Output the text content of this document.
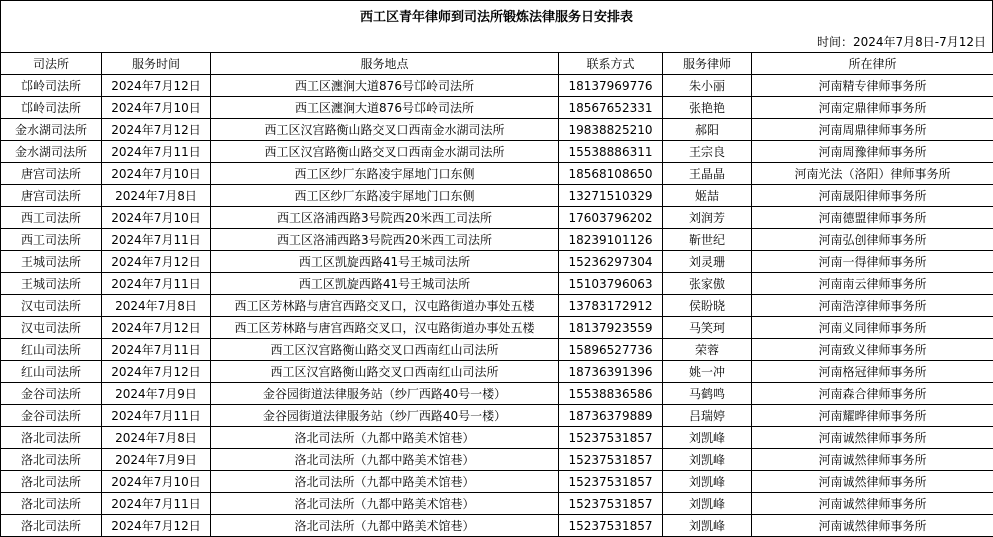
西工区青年律师到司法所锻炼法律服务日安排表
时间：2024年7月8日-7月12日
司法所	服务时间	服务地点	联系方式	服务律师	所在律所
邙岭司法所	2024年7月12日	西工区瀍涧大道876号邙岭司法所	18137969776	朱小丽	河南精专律师事务所
邙岭司法所	2024年7月10日	西工区瀍涧大道876号邙岭司法所	18567652331	张艳艳	河南定鼎律师事务所
金水湖司法所	2024年7月12日	西工区汉宫路衡山路交叉口西南金水湖司法所	19838825210	郝阳	河南周鼎律师事务所
金水湖司法所	2024年7月11日	西工区汉宫路衡山路交叉口西南金水湖司法所	15538886311	王宗良	河南周豫律师事务所
唐宫司法所	2024年7月10日	西工区纱厂东路凌宇犀地门口东侧	18568108650	王晶晶	河南光法（洛阳）律师事务所
唐宫司法所	2024年7月8日	西工区纱厂东路凌宇犀地门口东侧	13271510329	姬喆	河南晟阳律师事务所
西工司法所	2024年7月10日	西工区洛浦西路3号院西20米西工司法所	17603796202	刘润芳	河南德盟律师事务所
西工司法所	2024年7月11日	西工区洛浦西路3号院西20米西工司法所	18239101126	靳世纪	河南弘创律师事务所
王城司法所	2024年7月12日	西工区凯旋西路41号王城司法所	15236297304	刘灵珊	河南一得律师事务所
王城司法所	2024年7月11日	西工区凯旋西路41号王城司法所	15103796063	张家傲	河南南云律师事务所
汉屯司法所	2024年7月8日	西工区芳林路与唐宫西路交叉口，汉屯路街道办事处五楼	13783172912	侯盼晓	河南浩淳律师事务所
汉屯司法所	2024年7月12日	西工区芳林路与唐宫西路交叉口，汉屯路街道办事处五楼	18137923559	马笑珂	河南义同律师事务所
红山司法所	2024年7月11日	西工区汉宫路衡山路交叉口西南红山司法所	15896527736	荣蓉	河南致义律师事务所
红山司法所	2024年7月12日	西工区汉宫路衡山路交叉口西南红山司法所	18736391396	姚一冲	河南格冠律师事务所
金谷司法所	2024年7月9日	金谷园街道法律服务站（纱厂西路40号一楼）	15538836586	马鹤鸣	河南森合律师事务所
金谷司法所	2024年7月11日	金谷园街道法律服务站（纱厂西路40号一楼）	18736379889	吕瑞婷	河南耀晔律师事务所
洛北司法所	2024年7月8日	洛北司法所（九都中路美术馆巷）	15237531857	刘凯峰	河南诚然律师事务所
洛北司法所	2024年7月9日	洛北司法所（九都中路美术馆巷）	15237531857	刘凯峰	河南诚然律师事务所
洛北司法所	2024年7月10日	洛北司法所（九都中路美术馆巷）	15237531857	刘凯峰	河南诚然律师事务所
洛北司法所	2024年7月11日	洛北司法所（九都中路美术馆巷）	15237531857	刘凯峰	河南诚然律师事务所
洛北司法所	2024年7月12日	洛北司法所（九都中路美术馆巷）	15237531857	刘凯峰	河南诚然律师事务所
